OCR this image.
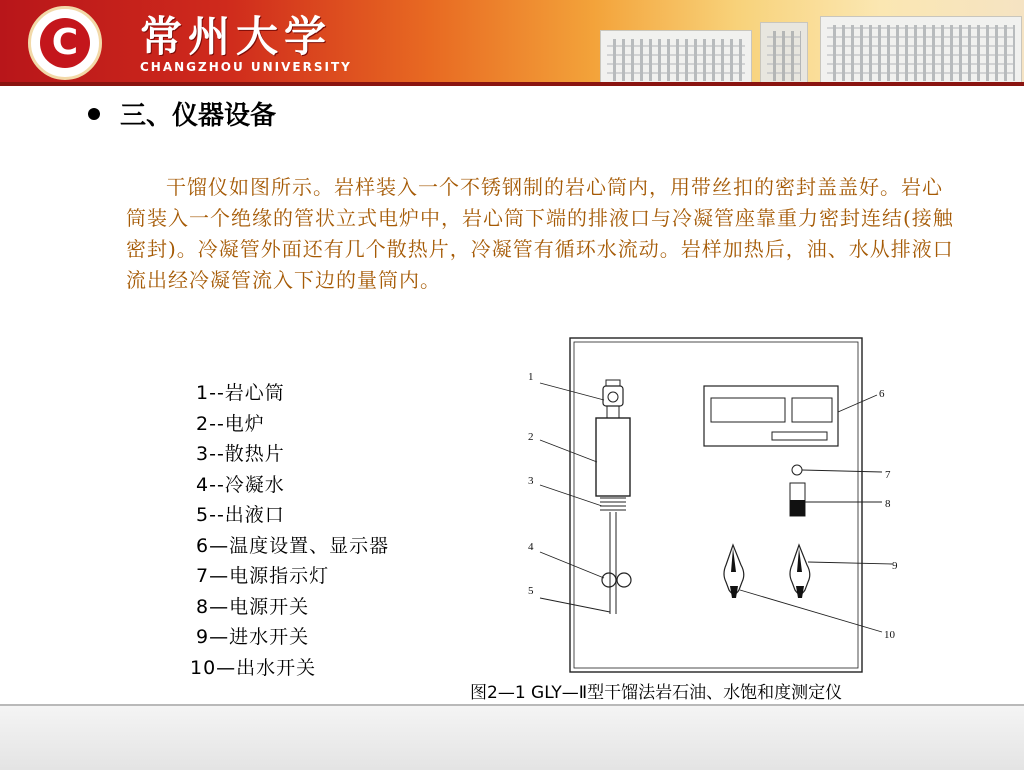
C 常州大学
CHANGZHOU UNIVERSITY
三、仪器设备
干馏仪如图所示。岩样装入一个不锈钢制的岩心筒内，用带丝扣的密封盖盖好。岩心筒装入一个绝缘的管状立式电炉中，岩心筒下端的排液口与冷凝管座靠重力密封连结(接触密封)。冷凝管外面还有几个散热片，冷凝管有循环水流动。岩样加热后，油、水从排液口流出经冷凝管流入下边的量筒内。
1--岩心筒
2--电炉
3--散热片
4--冷凝水
5--出液口
6—温度设置、显示器
7—电源指示灯
8—电源开关
9—进水开关
10—出水开关
1
2
3
4
5
6
7
8
9
10
图2—1 GLY—Ⅱ型干馏法岩石油、水饱和度测定仪
